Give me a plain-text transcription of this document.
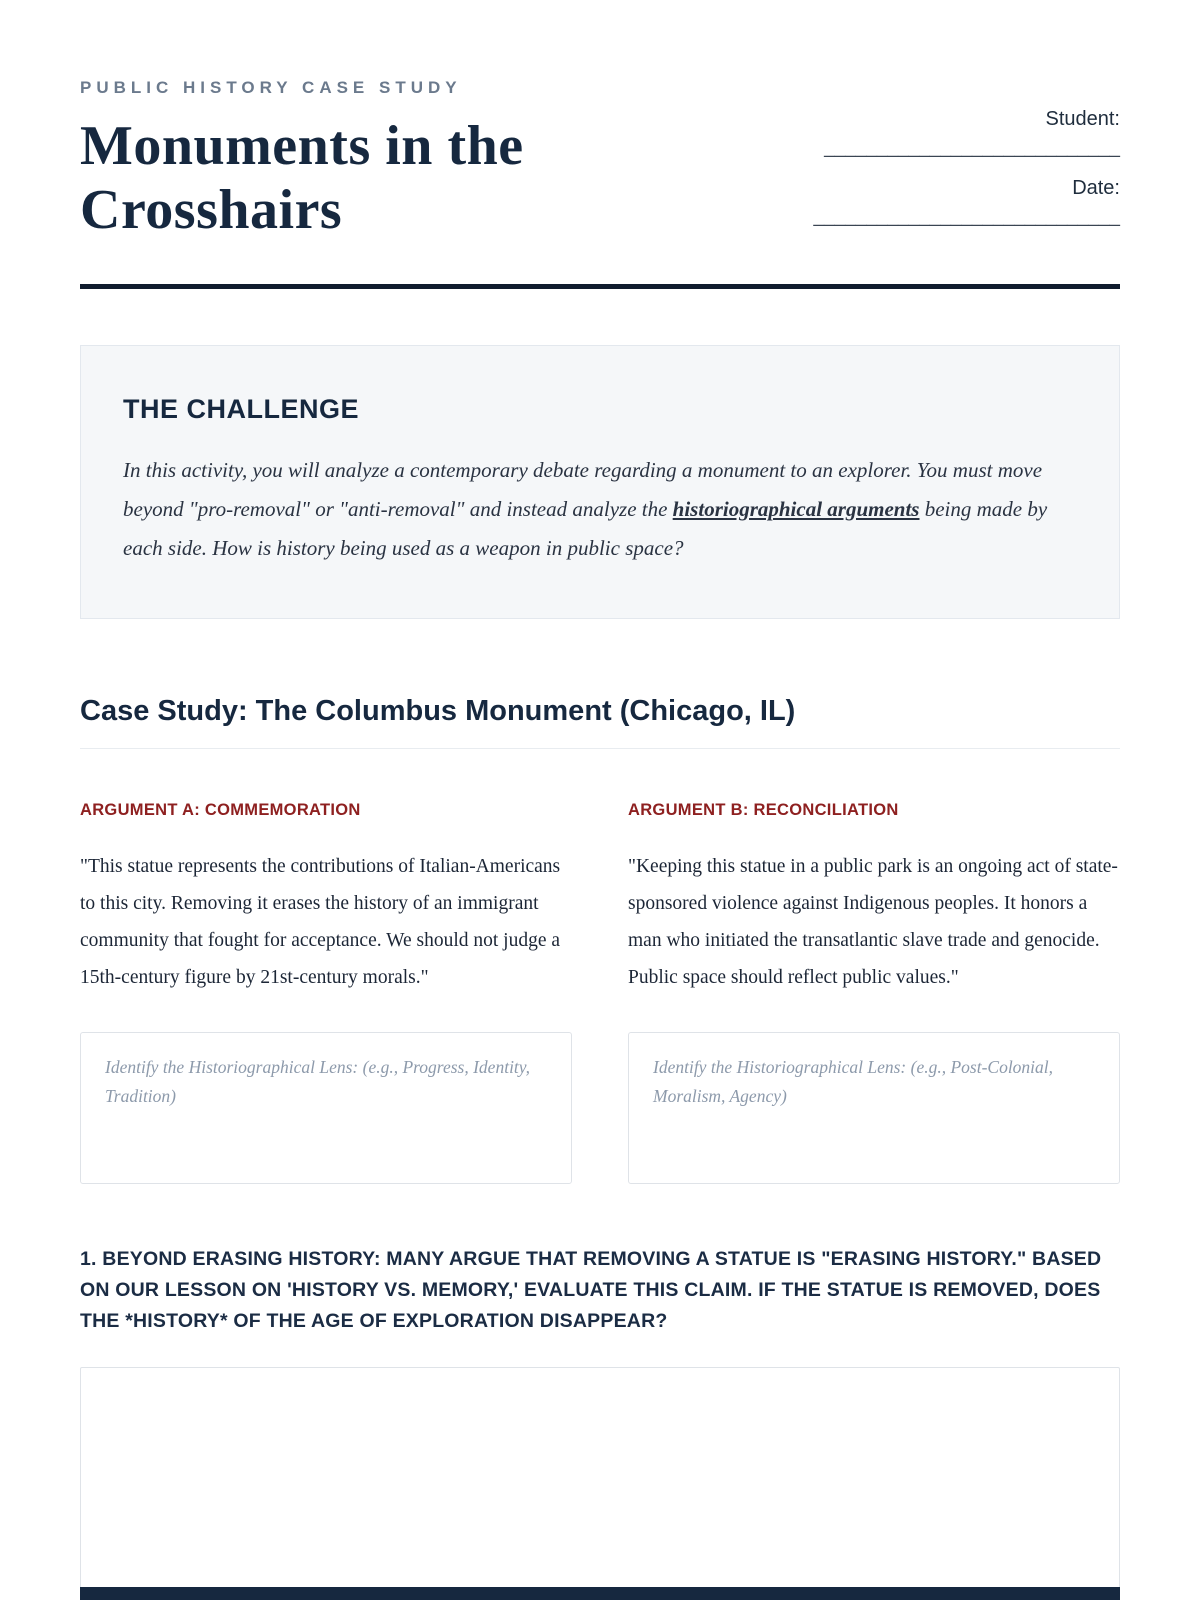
PUBLIC HISTORY CASE STUDY
Monuments in the Crosshairs
Student:
____________________________
Date:
_____________________________
THE CHALLENGE

In this activity, you will analyze a contemporary debate regarding a monument to an explorer. You must move beyond "pro-removal" or "anti-removal" and instead analyze the historiographical arguments being made by each side. How is history being used as a weapon in public space?

Case Study: The Columbus Monument (Chicago, IL)
ARGUMENT A: COMMEMORATION

"This statue represents the contributions of Italian-Americans to this city. Removing it erases the history of an immigrant community that fought for acceptance. We should not judge a 15th-century figure by 21st-century morals."

Identify the Historiographical Lens: (e.g., Progress, Identity, Tradition)
ARGUMENT B: RECONCILIATION

"Keeping this statue in a public park is an ongoing act of state-sponsored violence against Indigenous peoples. It honors a man who initiated the transatlantic slave trade and genocide. Public space should reflect public values."

Identify the Historiographical Lens: (e.g., Post-Colonial, Moralism, Agency)
1. BEYOND ERASING HISTORY: MANY ARGUE THAT REMOVING A STATUE IS "ERASING HISTORY." BASED ON OUR LESSON ON 'HISTORY VS. MEMORY,' EVALUATE THIS CLAIM. IF THE STATUE IS REMOVED, DOES THE *HISTORY* OF THE AGE OF EXPLORATION DISAPPEAR?
